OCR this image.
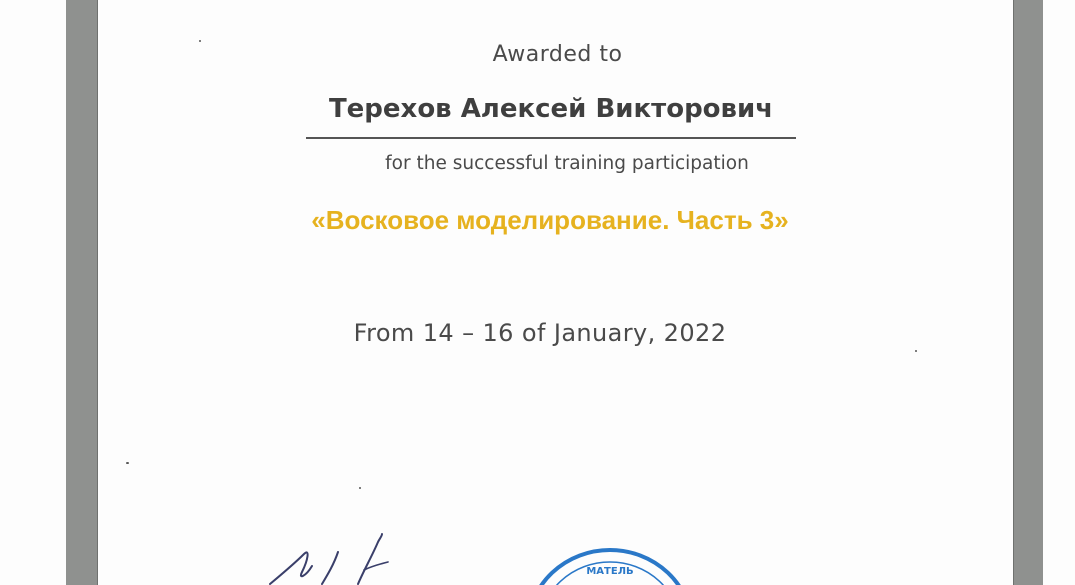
Awarded to
Терехов Алексей Викторович
for the successful training participation
«Восковое моделирование. Часть 3»
From 14 – 16 of January, 2022
МАТЕЛЬ
